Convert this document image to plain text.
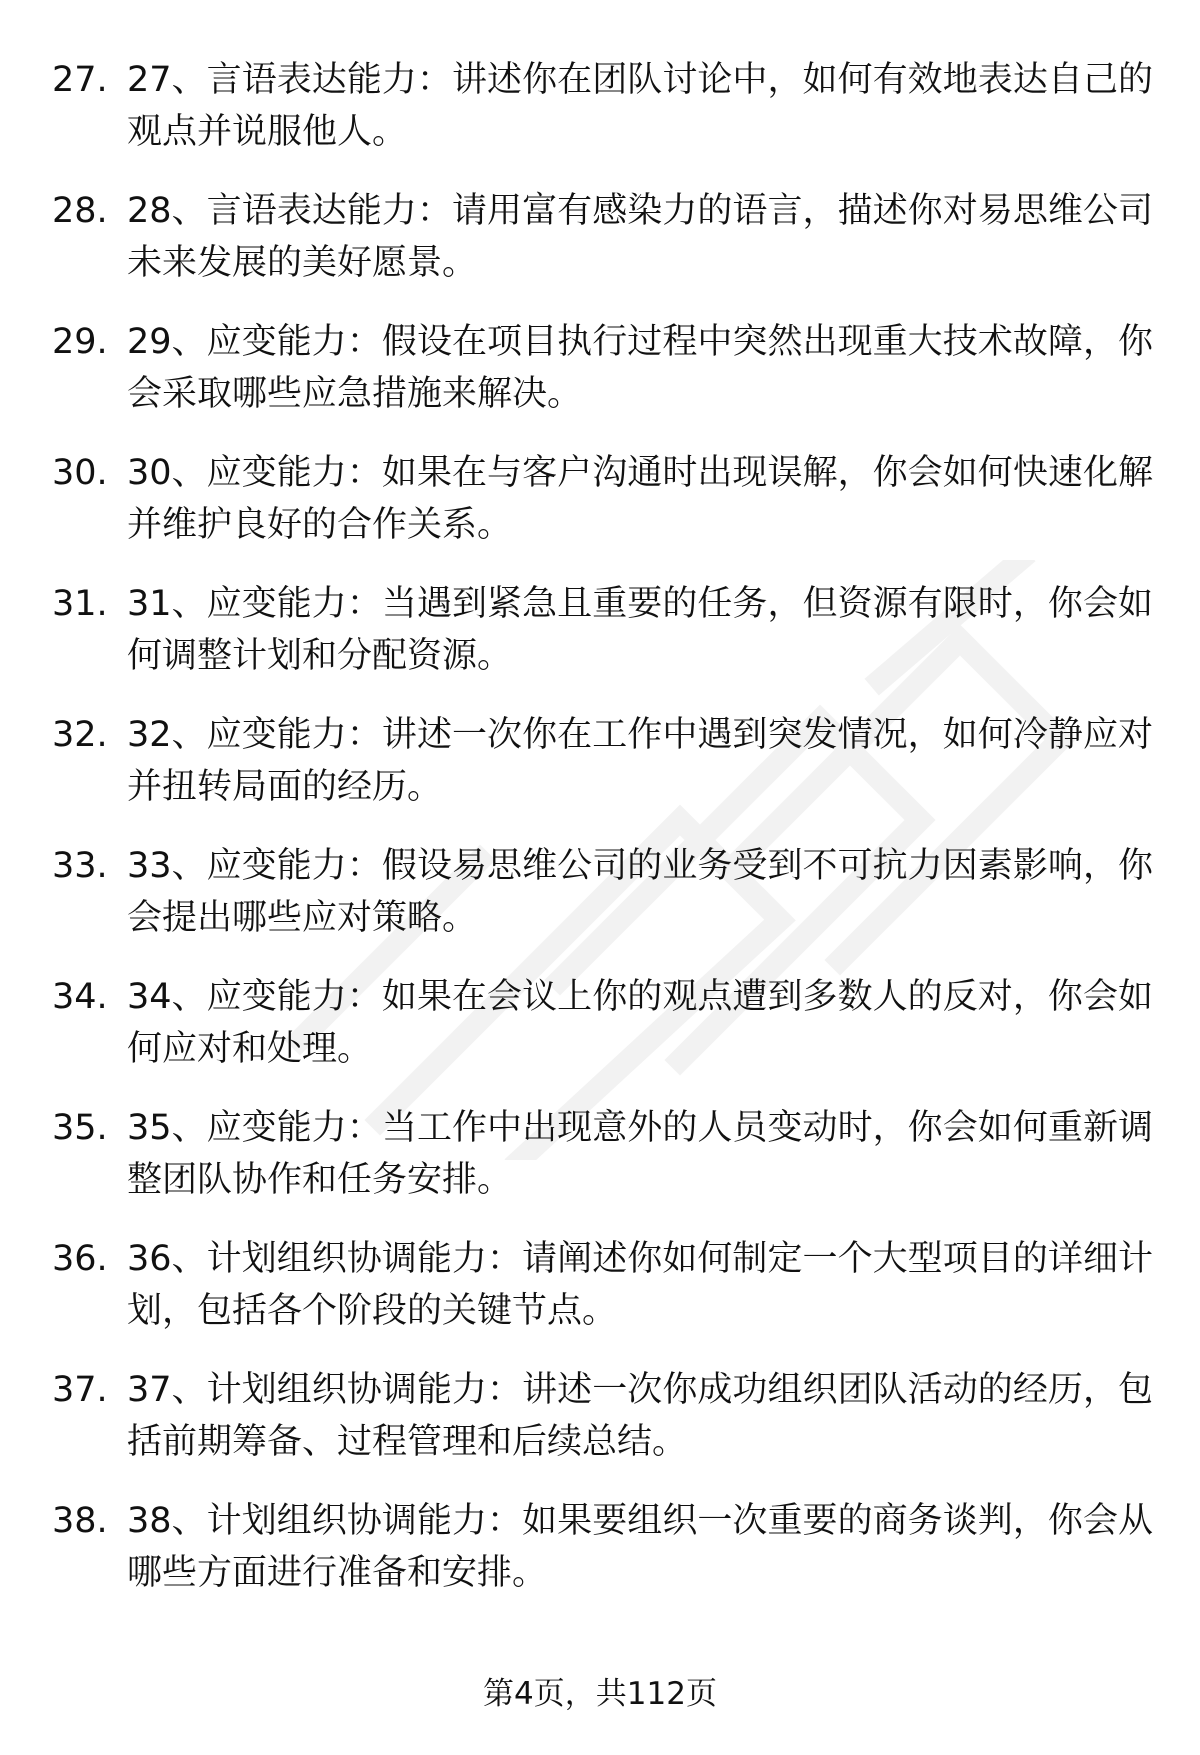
27. 27、言语表达能力：讲述你在团队讨论中，如何有效地表达自己的观点并说服他人。
28. 28、言语表达能力：请用富有感染力的语言，描述你对易思维公司未来发展的美好愿景。
29. 29、应变能力：假设在项目执行过程中突然出现重大技术故障，你会采取哪些应急措施来解决。
30. 30、应变能力：如果在与客户沟通时出现误解，你会如何快速化解并维护良好的合作关系。
31. 31、应变能力：当遇到紧急且重要的任务，但资源有限时，你会如何调整计划和分配资源。
32. 32、应变能力：讲述一次你在工作中遇到突发情况，如何冷静应对并扭转局面的经历。
33. 33、应变能力：假设易思维公司的业务受到不可抗力因素影响，你会提出哪些应对策略。
34. 34、应变能力：如果在会议上你的观点遭到多数人的反对，你会如何应对和处理。
35. 35、应变能力：当工作中出现意外的人员变动时，你会如何重新调整团队协作和任务安排。
36. 36、计划组织协调能力：请阐述你如何制定一个大型项目的详细计划，包括各个阶段的关键节点。
37. 37、计划组织协调能力：讲述一次你成功组织团队活动的经历，包括前期筹备、过程管理和后续总结。
38. 38、计划组织协调能力：如果要组织一次重要的商务谈判，你会从哪些方面进行准备和安排。
第4页，共112页
